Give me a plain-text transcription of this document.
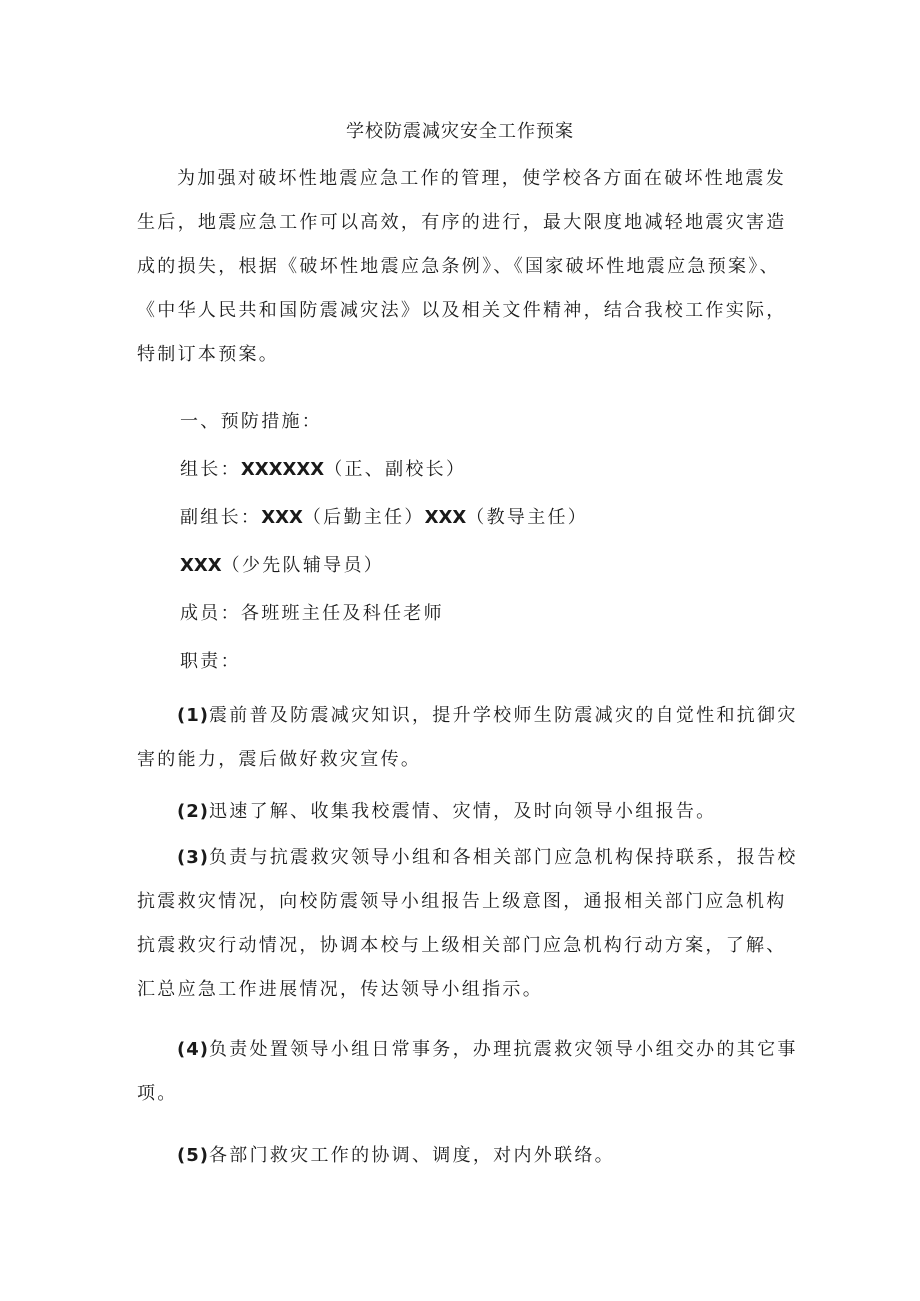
学校防震减灾安全工作预案

为加强对破坏性地震应急工作的管理，使学校各方面在破坏性地震发生后，地震应急工作可以高效，有序的进行，最大限度地减轻地震灾害造成的损失，根据《破坏性地震应急条例》、《国家破坏性地震应急预案》、《中华人民共和国防震减灾法》以及相关文件精神，结合我校工作实际，特制订本预案。

一、预防措施：
组长：XXXXXX（正、副校长）
副组长：XXX（后勤主任）XXX（教导主任）
XXX（少先队辅导员）
成员：各班班主任及科任老师
职责：

(1)震前普及防震减灾知识，提升学校师生防震减灾的自觉性和抗御灾害的能力，震后做好救灾宣传。

(2)迅速了解、收集我校震情、灾情，及时向领导小组报告。

(3)负责与抗震救灾领导小组和各相关部门应急机构保持联系，报告校抗震救灾情况，向校防震领导小组报告上级意图，通报相关部门应急机构抗震救灾行动情况，协调本校与上级相关部门应急机构行动方案，了解、汇总应急工作进展情况，传达领导小组指示。

(4)负责处置领导小组日常事务，办理抗震救灾领导小组交办的其它事项。

(5)各部门救灾工作的协调、调度，对内外联络。
